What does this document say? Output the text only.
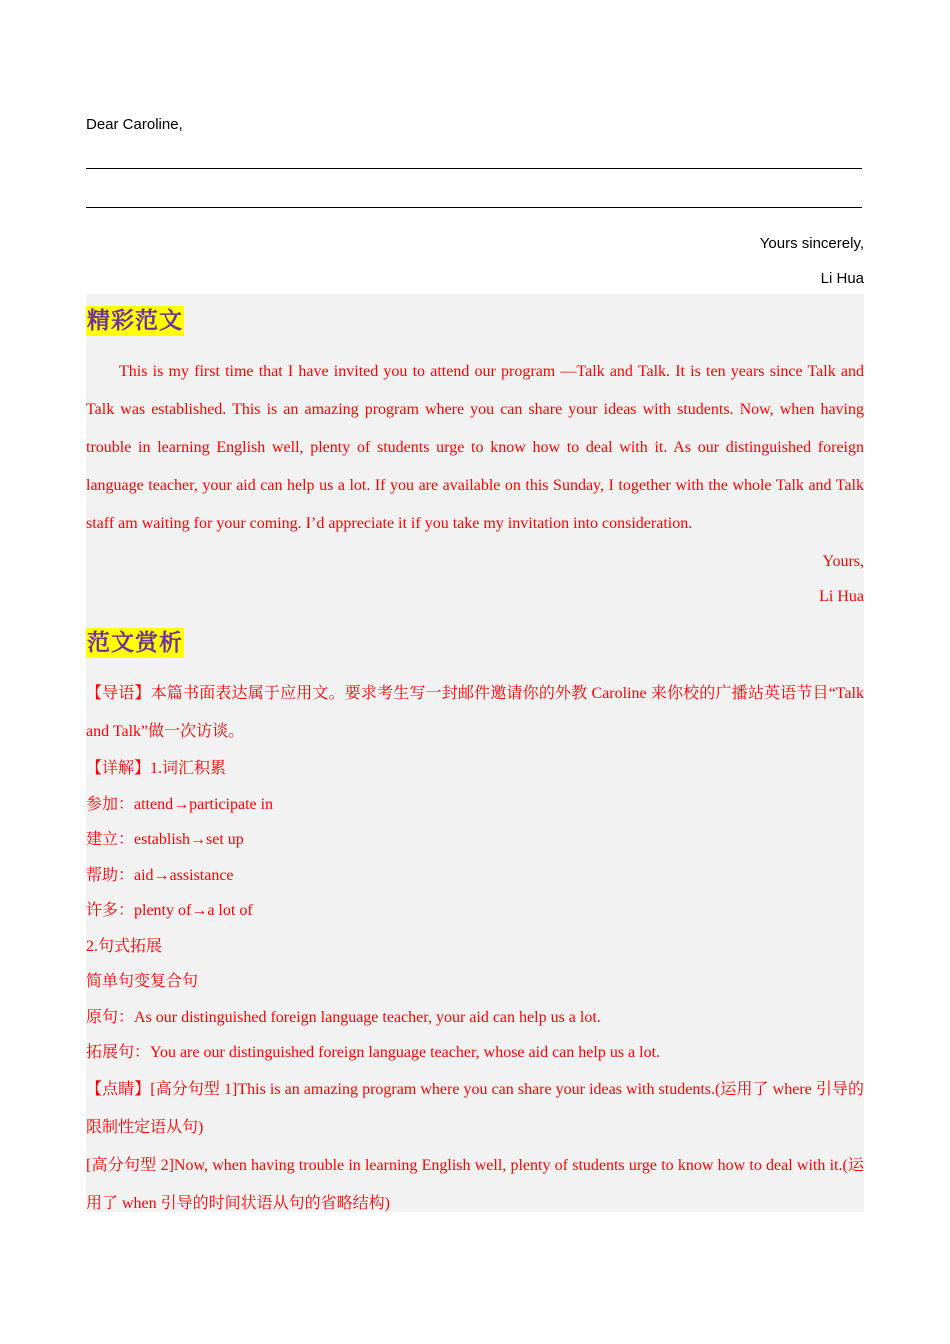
Dear Caroline,
Yours sincerely,
Li Hua
精彩范文
This is my first time that I have invited you to attend our program —Talk and Talk. It is ten years since Talk and Talk was established. This is an amazing program where you can share your ideas with students. Now, when having trouble in learning English well, plenty of students urge to know how to deal with it. As our distinguished foreign language teacher, your aid can help us a lot. If you are available on this Sunday, I together with the whole Talk and Talk staff am waiting for your coming. I’d appreciate it if you take my invitation into consideration.
Yours,
Li Hua
范文赏析

【导语】本篇书面表达属于应用文。要求考生写一封邮件邀请你的外教 Caroline 来你校的广播站英语节目“Talk and Talk”做一次访谈。

【详解】1.词汇积累

参加：attend→participate in

建立：establish→set up

帮助：aid→assistance

许多：plenty of→a lot of

2.句式拓展

简单句变复合句

原句：As our distinguished foreign language teacher, your aid can help us a lot.

拓展句：You are our distinguished foreign language teacher, whose aid can help us a lot.

【点睛】[高分句型 1]This is an amazing program where you can share your ideas with students.(运用了 where 引导的限制性定语从句)

[高分句型 2]Now, when having trouble in learning English well, plenty of students urge to know how to deal with it.(运用了 when 引导的时间状语从句的省略结构)
